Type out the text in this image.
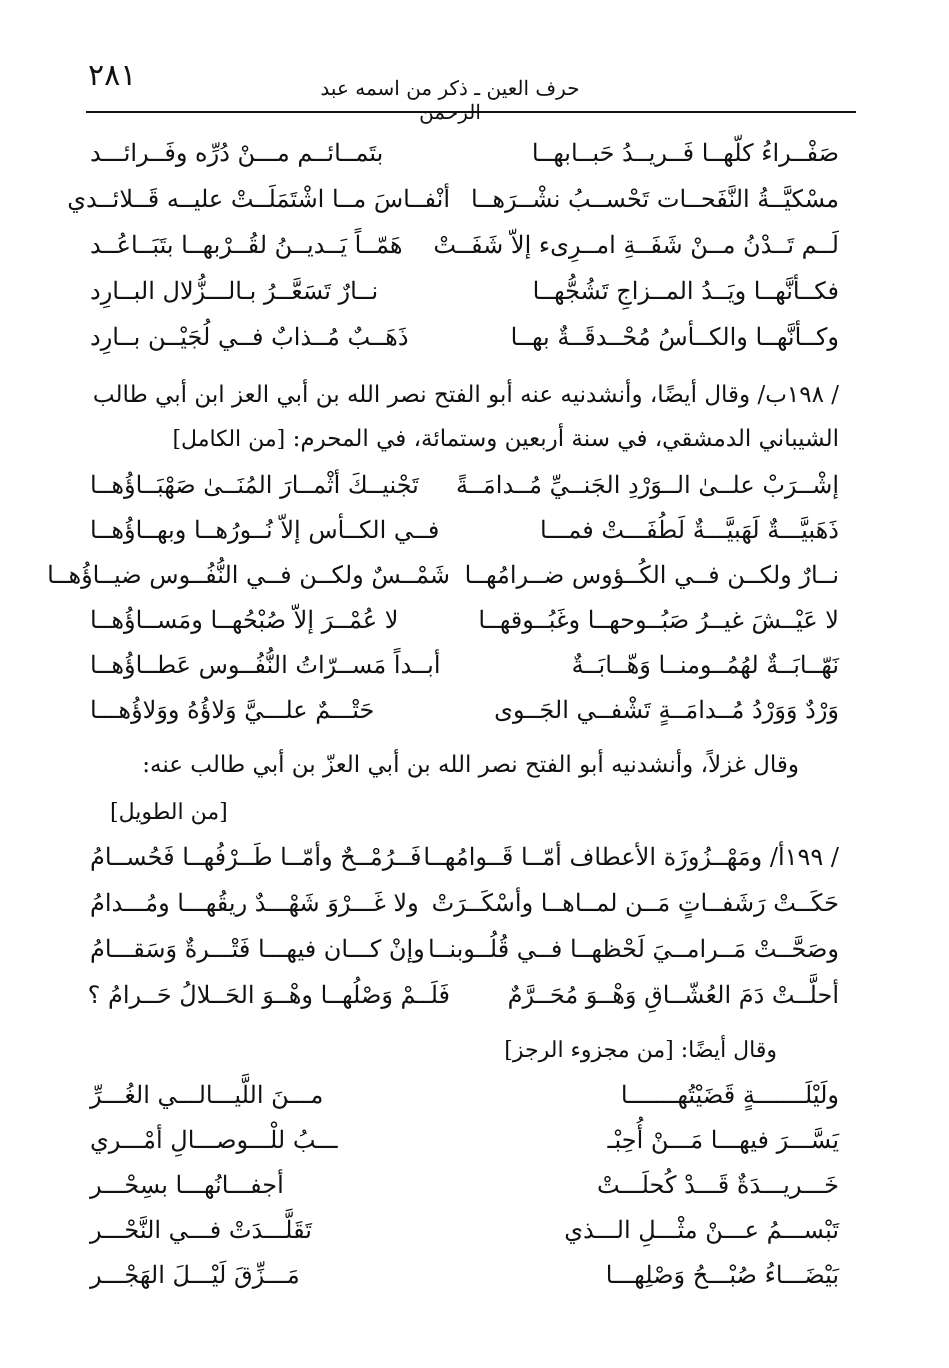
٢٨١	حرف العين ـ ذكر من اسمه عبد الرحمن
صَفْــراءُ كلّهــا فَــريــدُ حَبــابهــا
بتَمــائــم مـــنْ دُرِّه وفَــرائـــد
مسْكيَّــةُ النَّفَحــات تَحْســبُ نشْــرَهــا
أنْفــاسَ مــا اشْتَمَلَــتْ عليــه قَــلائــدي
لَــم تَــدْنُ مــنْ شَفَــةِ امــرِىء إلاّ شَفَــتْ
هَمّــاً يَــديــنُ لقُــرْبهــا بتَبَــاعُــد
فكــأنَّهــا ويَــدُ المــزاجِ تَشُجُّهــا
نــارٌ تَسَعَّــرُ بـالـــزُّلال البــارِد
وكــأنَّهــا والكــأسُ مُحْــدقَــةٌ بهــا
ذَهَــبٌ مُــذابٌ فــي لُجَيْــن بــارِد
/ ١٩٨ب/ وقال أيضًا، وأنشدنيه عنه أبو الفتح نصر الله بن أبي العز ابن أبي طالب
الشيباني الدمشقي، في سنة أربعين وستمائة، في المحرم: [من الكامل]
إشْــرَبْ علــىٰ الــوَرْدِ الجَنــيِّ مُــدامَــةً
تَجْنيــكَ أثْمــارَ المُنَــىٰ صَهْبَــاؤُهــا
ذَهَبيَّـــةٌ لَهَبيَّـــةٌ لَطُفَـــتْ فمـــا
فــي الكــأس إلاّ نُــورُهــا وبهــاؤُهــا
نــارٌ ولكــن فــي الكُــؤوس ضــرامُهــا
شَمْــسٌ ولكــن فــي النُّفُــوس ضيــاؤُهــا
لا عَيْــشَ غيــرُ صَبُــوحهــا وغَبُــوقهــا
لا عُمْــرَ إلاّ صُبْحُهــا ومَســاؤُهــا
نَهّــابَــةٌ لهُمُــومنــا وَهّــابَــةٌ
أبــداً مَســرّاتُ النُّفُــوس عَطــاؤُهــا
وَرْدٌ وَوَرْدُ مُــدامَــةٍ تَشْفــي الجَــوى
حَتْـــمٌ علـــيَّ وَلاؤُهُ ووَلاؤُهـــا
وقال غزلاً، وأنشدنيه أبو الفتح نصر الله بن أبي العزّ بن أبي طالب عنه:
[من الطويل]
/ ١٩٩أ/ ومَهْــزُوزَة الأعطاف أمّــا قَــوامُهــا
فَــرُمْــحٌ وأمّــا طَــرْفُهــا فَحُســامُ
حَكَــتْ رَشَفــاتٍ مَــن لمــاهــا وأسْكَــرَتْ
ولا غَـــرْوَ شَهْـــدٌ ريقُهـــا ومُـــدامُ
وصَحَّــتْ مَــرامــيَ لَحْظهــا فــي قُلُــوبنــا
وإنْ كـــان فيهـــا فَتْـــرةٌ وَسَقـــامُ
أحلَّــتْ دَمَ العُشّــاقِ وَهْــوَ مُحَــرَّمٌ
فَلَــمْ وَصْلُهــا وهْــوَ الحَــلالُ حَــرامُ ؟
وقال أيضًا: [من مجزوء الرجز]
ولَيْلَـــــــةٍ قَضَيْتُهـــــــا
مـــنَ اللَّيـــالـــي الغُـــرِّ
يَسَّـــرَ فيهـــا مَـــنْ أُحِبْـ
ـــبُ للْـــوصـــالِ أمْـــري
خَـــريـــدَةٌ قَـــدْ كُحلَـــتْ
أجفـــانُهـــا بسِحْـــر
تَبْســـمُ عـــنْ مثْـــلِ الـــذي
تَقَلَّـــدَتْ فـــي النَّحْـــر
بَيْضَـــاءُ صُبْـــحُ وَصْلِهـــا
مَـــزِّقَ لَيْـــلَ الهَجْـــر
